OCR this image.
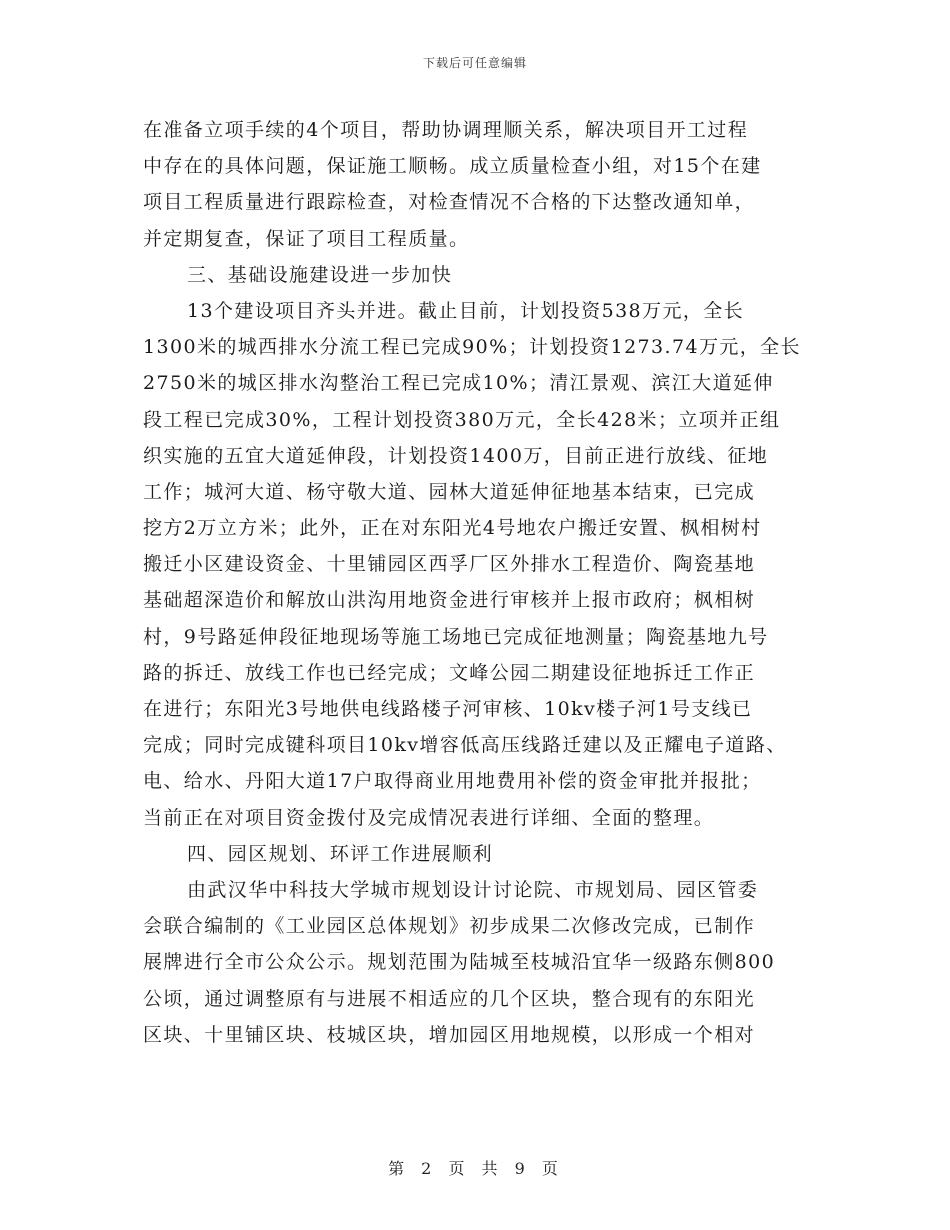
下载后可任意编辑
在准备立项手续的4个项目，帮助协调理顺关系，解决项目开工过程
中存在的具体问题，保证施工顺畅。成立质量检查小组，对15个在建
项目工程质量进行跟踪检查，对检查情况不合格的下达整改通知单，
并定期复查，保证了项目工程质量。
三、基础设施建设进一步加快
13个建设项目齐头并进。截止目前，计划投资538万元，全长
1300米的城西排水分流工程已完成90%；计划投资1273.74万元，全长
2750米的城区排水沟整治工程已完成10%；清江景观、滨江大道延伸
段工程已完成30%，工程计划投资380万元，全长428米；立项并正组
织实施的五宜大道延伸段，计划投资1400万，目前正进行放线、征地
工作；城河大道、杨守敬大道、园林大道延伸征地基本结束，已完成
挖方2万立方米；此外，正在对东阳光4号地农户搬迁安置、枫相树村
搬迁小区建设资金、十里铺园区西孚厂区外排水工程造价、陶瓷基地
基础超深造价和解放山洪沟用地资金进行审核并上报市政府；枫相树
村，9号路延伸段征地现场等施工场地已完成征地测量；陶瓷基地九号
路的拆迁、放线工作也已经完成；文峰公园二期建设征地拆迁工作正
在进行；东阳光3号地供电线路楼子河审核、10kv楼子河1号支线已
完成；同时完成键科项目10kv增容低高压线路迁建以及正耀电子道路、
电、给水、丹阳大道17户取得商业用地费用补偿的资金审批并报批；
当前正在对项目资金拨付及完成情况表进行详细、全面的整理。
四、园区规划、环评工作进展顺利
由武汉华中科技大学城市规划设计讨论院、市规划局、园区管委
会联合编制的《工业园区总体规划》初步成果二次修改完成，已制作
展牌进行全市公众公示。规划范围为陆城至枝城沿宜华一级路东侧800
公顷，通过调整原有与进展不相适应的几个区块，整合现有的东阳光
区块、十里铺区块、枝城区块，增加园区用地规模，以形成一个相对
第 2 页 共 9 页
